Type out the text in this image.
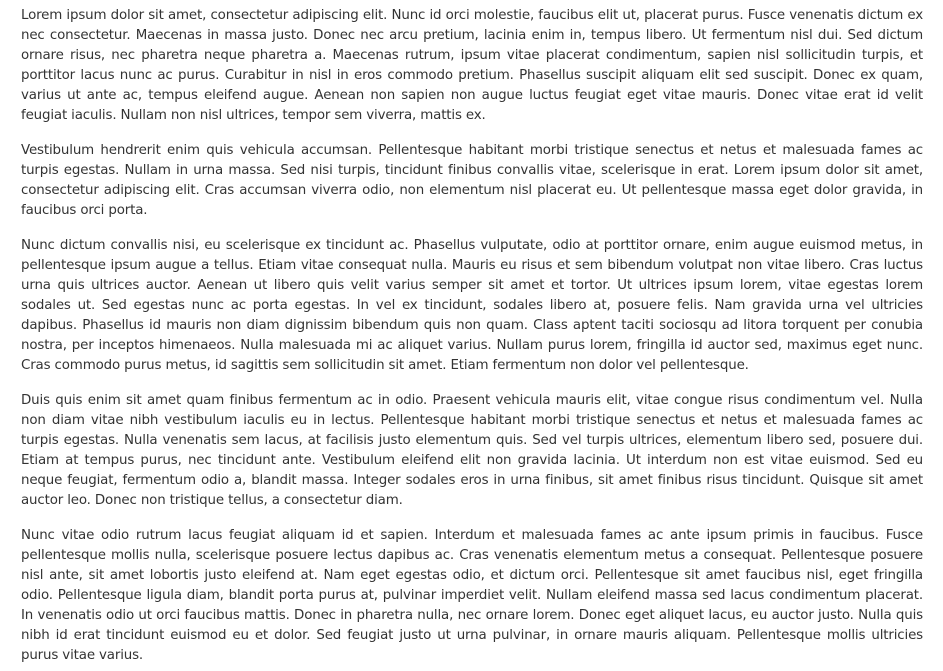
Lorem ipsum dolor sit amet, consectetur adipiscing elit. Nunc id orci molestie, faucibus elit ut, placerat purus. Fusce venenatis dictum ex nec consectetur. Maecenas in massa justo. Donec nec arcu pretium, lacinia enim in, tempus libero. Ut fermentum nisl dui. Sed dictum ornare risus, nec pharetra neque pharetra a. Maecenas rutrum, ipsum vitae placerat condimentum, sapien nisl sollicitudin turpis, et porttitor lacus nunc ac purus. Curabitur in nisl in eros commodo pretium. Phasellus suscipit aliquam elit sed suscipit. Donec ex quam, varius ut ante ac, tempus eleifend augue. Aenean non sapien non augue luctus feugiat eget vitae mauris. Donec vitae erat id velit feugiat iaculis. Nullam non nisl ultrices, tempor sem viverra, mattis ex.

Vestibulum hendrerit enim quis vehicula accumsan. Pellentesque habitant morbi tristique senectus et netus et malesuada fames ac turpis egestas. Nullam in urna massa. Sed nisi turpis, tincidunt finibus convallis vitae, scelerisque in erat. Lorem ipsum dolor sit amet, consectetur adipiscing elit. Cras accumsan viverra odio, non elementum nisl placerat eu. Ut pellentesque massa eget dolor gravida, in faucibus orci porta.

Nunc dictum convallis nisi, eu scelerisque ex tincidunt ac. Phasellus vulputate, odio at porttitor ornare, enim augue euismod metus, in pellentesque ipsum augue a tellus. Etiam vitae consequat nulla. Mauris eu risus et sem bibendum volutpat non vitae libero. Cras luctus urna quis ultrices auctor. Aenean ut libero quis velit varius semper sit amet et tortor. Ut ultrices ipsum lorem, vitae egestas lorem sodales ut. Sed egestas nunc ac porta egestas. In vel ex tincidunt, sodales libero at, posuere felis. Nam gravida urna vel ultricies dapibus. Phasellus id mauris non diam dignissim bibendum quis non quam. Class aptent taciti sociosqu ad litora torquent per conubia nostra, per inceptos himenaeos. Nulla malesuada mi ac aliquet varius. Nullam purus lorem, fringilla id auctor sed, maximus eget nunc. Cras commodo purus metus, id sagittis sem sollicitudin sit amet. Etiam fermentum non dolor vel pellentesque.

Duis quis enim sit amet quam finibus fermentum ac in odio. Praesent vehicula mauris elit, vitae congue risus condimentum vel. Nulla non diam vitae nibh vestibulum iaculis eu in lectus. Pellentesque habitant morbi tristique senectus et netus et malesuada fames ac turpis egestas. Nulla venenatis sem lacus, at facilisis justo elementum quis. Sed vel turpis ultrices, elementum libero sed, posuere dui. Etiam at tempus purus, nec tincidunt ante. Vestibulum eleifend elit non gravida lacinia. Ut interdum non est vitae euismod. Sed eu neque feugiat, fermentum odio a, blandit massa. Integer sodales eros in urna finibus, sit amet finibus risus tincidunt. Quisque sit amet auctor leo. Donec non tristique tellus, a consectetur diam.

Nunc vitae odio rutrum lacus feugiat aliquam id et sapien. Interdum et malesuada fames ac ante ipsum primis in faucibus. Fusce pellentesque mollis nulla, scelerisque posuere lectus dapibus ac. Cras venenatis elementum metus a consequat. Pellentesque posuere nisl ante, sit amet lobortis justo eleifend at. Nam eget egestas odio, et dictum orci. Pellentesque sit amet faucibus nisl, eget fringilla odio. Pellentesque ligula diam, blandit porta purus at, pulvinar imperdiet velit. Nullam eleifend massa sed lacus condimentum placerat. In venenatis odio ut orci faucibus mattis. Donec in pharetra nulla, nec ornare lorem. Donec eget aliquet lacus, eu auctor justo. Nulla quis nibh id erat tincidunt euismod eu et dolor. Sed feugiat justo ut urna pulvinar, in ornare mauris aliquam. Pellentesque mollis ultricies purus vitae varius.
